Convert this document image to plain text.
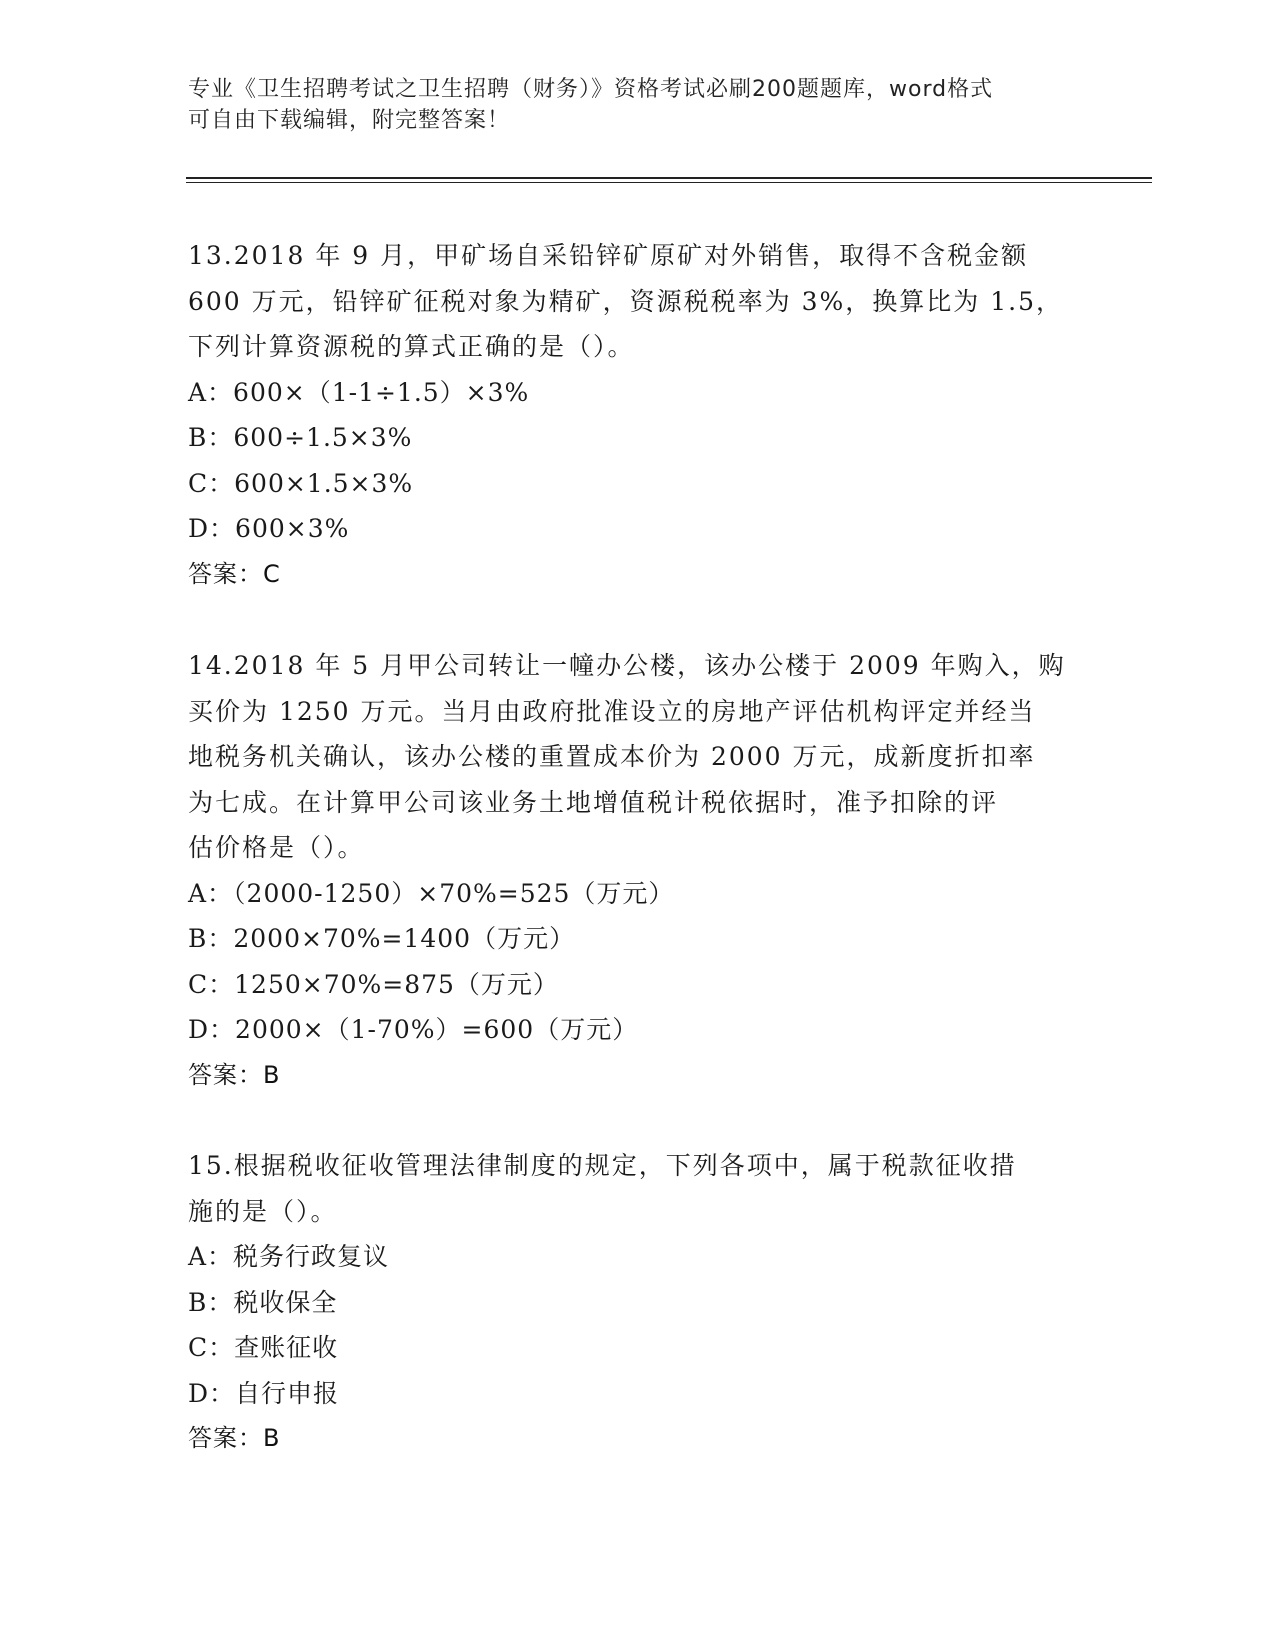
专业《卫生招聘考试之卫生招聘（财务）》资格考试必刷200题题库，word格式
可自由下载编辑，附完整答案！
13.2018 年 9 月，甲矿场自采铅锌矿原矿对外销售，取得不含税金额
600 万元，铅锌矿征税对象为精矿，资源税税率为 3%，换算比为 1.5，
下列计算资源税的算式正确的是（）。
A：600×（1-1÷1.5）×3%
B：600÷1.5×3%
C：600×1.5×3%
D：600×3%
答案：C
14.2018 年 5 月甲公司转让一幢办公楼，该办公楼于 2009 年购入，购
买价为 1250 万元。当月由政府批准设立的房地产评估机构评定并经当
地税务机关确认，该办公楼的重置成本价为 2000 万元，成新度折扣率
为七成。在计算甲公司该业务土地增值税计税依据时，准予扣除的评
估价格是（）。
A：（2000-1250）×70%=525（万元）
B：2000×70%=1400（万元）
C：1250×70%=875（万元）
D：2000×（1-70%）=600（万元）
答案：B
15.根据税收征收管理法律制度的规定，下列各项中，属于税款征收措
施的是（）。
A：税务行政复议
B：税收保全
C：查账征收
D：自行申报
答案：B
